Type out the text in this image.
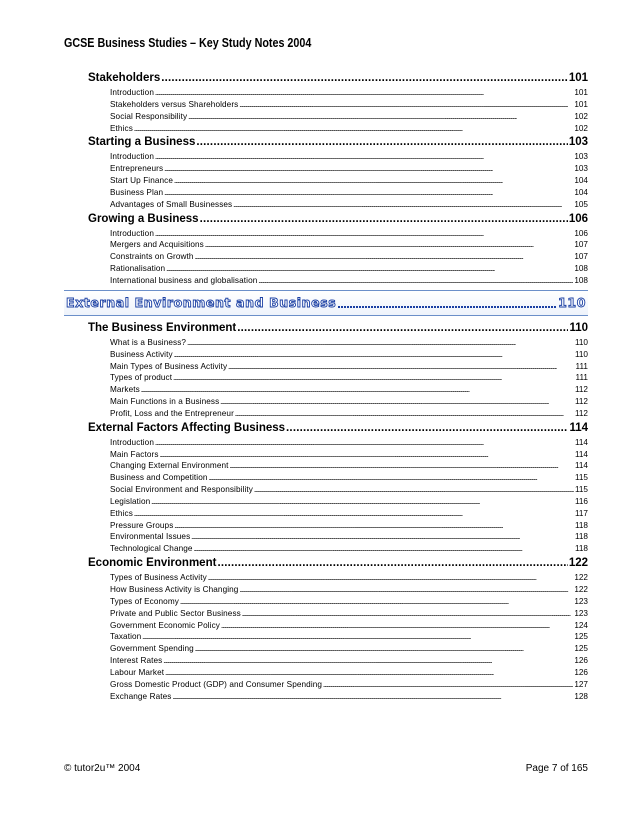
GCSE Business Studies – Key Study Notes 2004
Stakeholders . . .	101
Introduction .....	101
Stakeholders versus Shareholders .....	101
Social Responsibility .....	102
Ethics .....	102
Starting a Business . . .	103
Introduction .....	103
Entrepreneurs .....	103
Start Up Finance .....	104
Business Plan .....	104
Advantages of Small Businesses .....	105
Growing a Business . . .	106
Introduction .....	106
Mergers and Acquisitions .....	107
Constraints on Growth .....	107
Rationalisation .....	108
International business and globalisation .....	108
External Environment and Business	110
The Business Environment . . .	110
What is a Business? .....	110
Business Activity .....	110
Main Types of Business Activity .....	111
Types of product .....	111
Markets .....	112
Main Functions in a Business .....	112
Profit, Loss and the Entrepreneur .....	112
External Factors Affecting Business . . .	114
Introduction .....	114
Main Factors .....	114
Changing External Environment .....	114
Business and Competition .....	115
Social Environment and Responsibility .....	115
Legislation .....	116
Ethics .....	117
Pressure Groups .....	118
Environmental Issues .....	118
Technological Change .....	118
Economic Environment . . .	122
Types of Business Activity .....	122
How Business Activity is Changing .....	122
Types of Economy .....	123
Private and Public Sector Business .....	123
Government Economic Policy .....	124
Taxation .....	125
Government Spending .....	125
Interest Rates .....	126
Labour Market .....	126
Gross Domestic Product (GDP) and Consumer Spending .....	127
Exchange Rates .....	128
© tutor2u™ 2004	Page 7 of 165
